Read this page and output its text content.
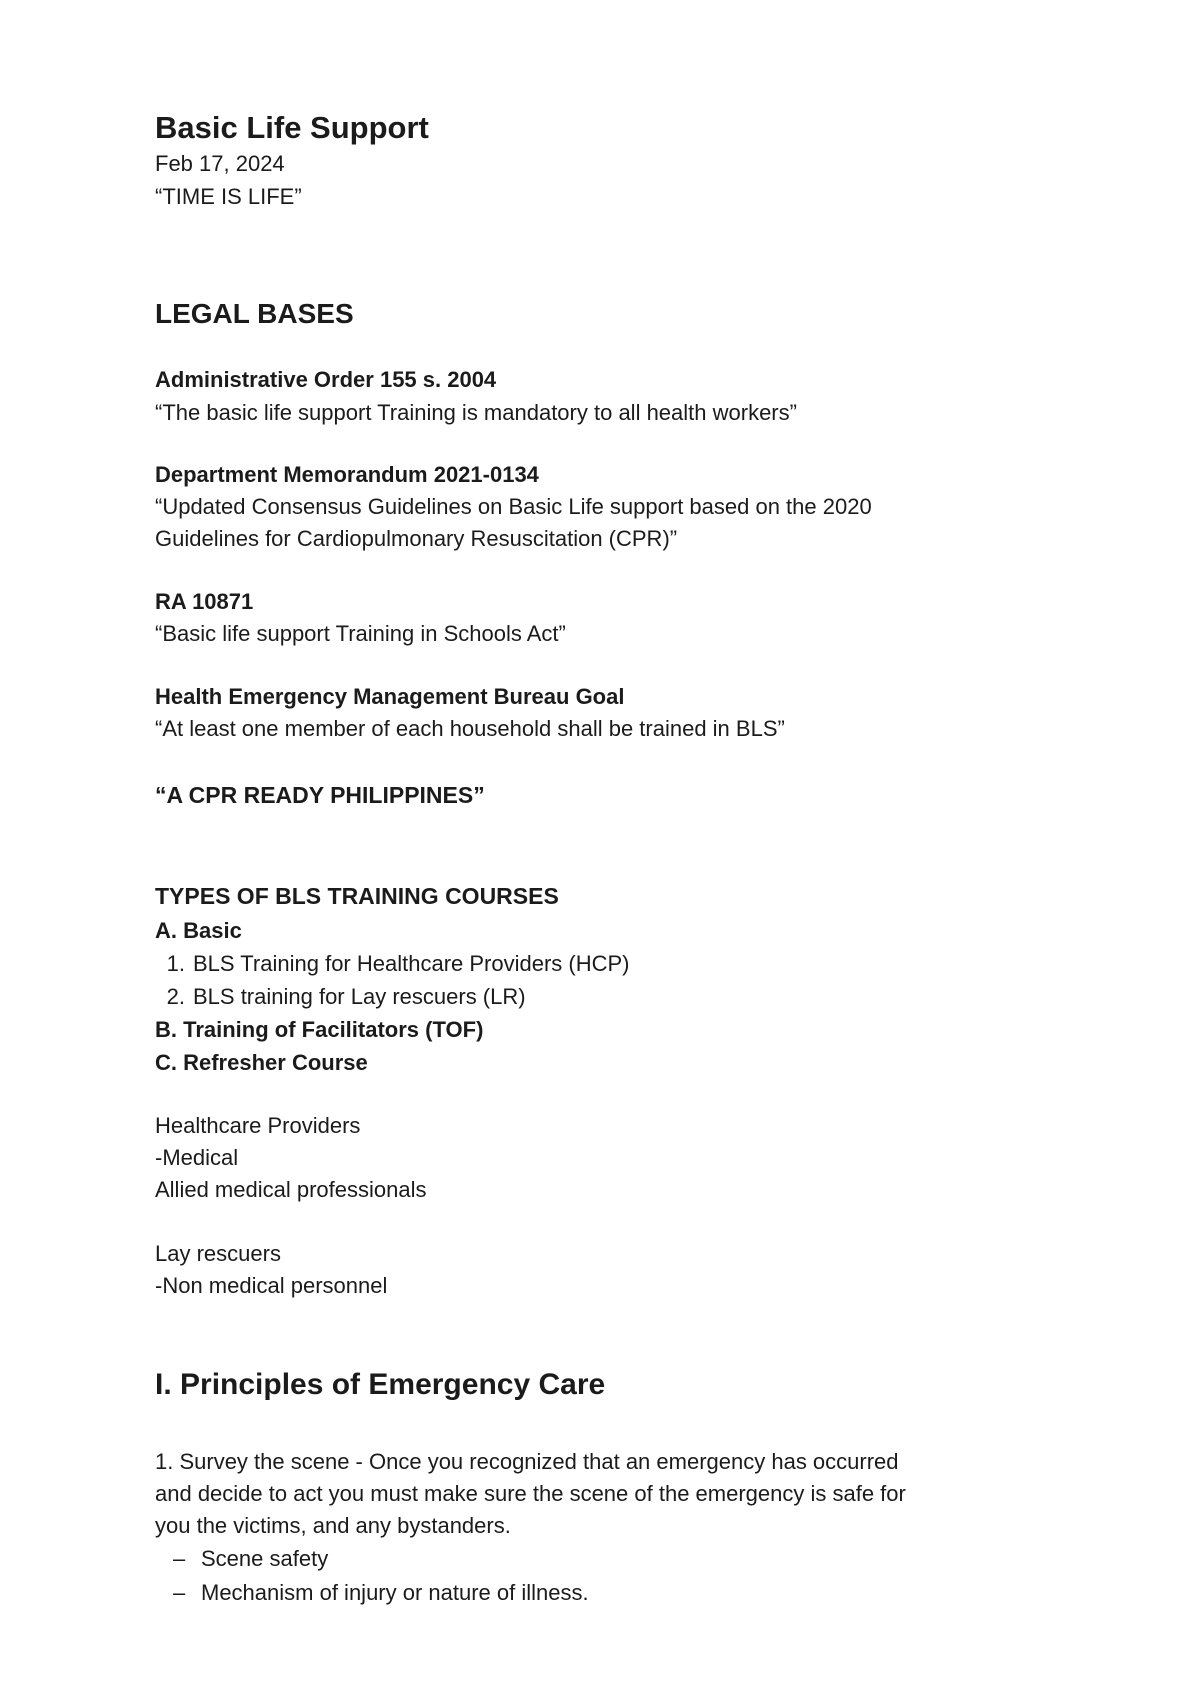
Basic Life Support
Feb 17, 2024
“TIME IS LIFE”
LEGAL BASES
Administrative Order 155 s. 2004
“The basic life support Training is mandatory to all health workers”
Department Memorandum 2021-0134
“Updated Consensus Guidelines on Basic Life support based on the 2020
Guidelines for Cardiopulmonary Resuscitation (CPR)”
RA 10871
“Basic life support Training in Schools Act”
Health Emergency Management Bureau Goal
“At least one member of each household shall be trained in BLS”
“A CPR READY PHILIPPINES”
TYPES OF BLS TRAINING COURSES
A. Basic
1. BLS Training for Healthcare Providers (HCP)
2. BLS training for Lay rescuers (LR)
B. Training of Facilitators (TOF)
C. Refresher Course
Healthcare Providers
-Medical
Allied medical professionals
Lay rescuers
-Non medical personnel
I. Principles of Emergency Care
1. Survey the scene - Once you recognized that an emergency has occurred
and decide to act you must make sure the scene of the emergency is safe for
you the victims, and any bystanders.
– Scene safety
– Mechanism of injury or nature of illness.
